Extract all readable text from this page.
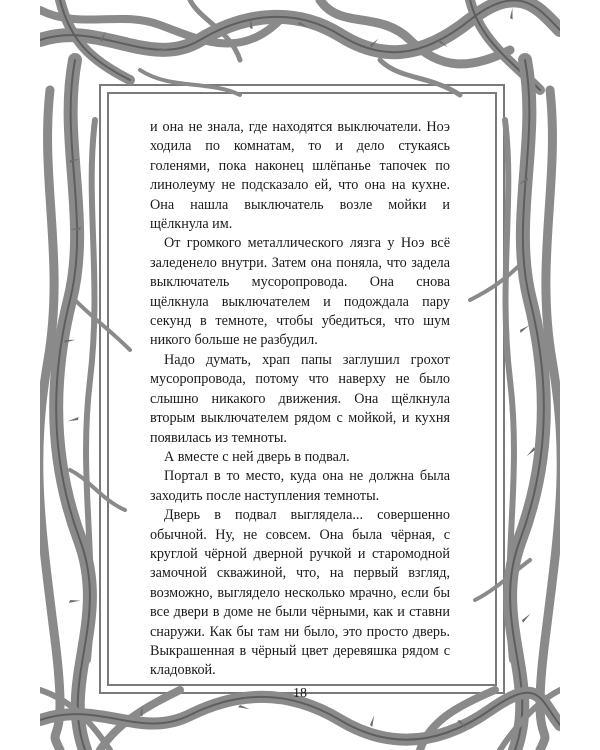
и она не знала, где находятся выключатели. Ноэ ходила по комнатам, то и дело стукаясь голенями, пока наконец шлёпанье тапочек по линолеуму не подсказало ей, что она на кухне. Она нашла выключатель возле мойки и щёлкнула им.

От громкого металлического лязга у Ноэ всё заледенело внутри. Затем она поняла, что задела выключатель мусоропровода. Она снова щёлкнула выключателем и подождала пару секунд в темноте, чтобы убедиться, что шум никого больше не разбудил.

Надо думать, храп папы заглушил грохот мусоропровода, потому что наверху не было слышно никакого движения. Она щёлкнула вторым выключателем рядом с мойкой, и кухня появилась из темноты.

А вместе с ней дверь в подвал.

Портал в то место, куда она не должна была заходить после наступления темноты.

Дверь в подвал выглядела... совершенно обычной. Ну, не совсем. Она была чёрная, с круглой чёрной дверной ручкой и старомодной замочной скважиной, что, на первый взгляд, возможно, выглядело несколько мрачно, если бы все двери в доме не были чёрными, как и ставни снаружи. Как бы там ни было, это просто дверь. Выкрашенная в чёрный цвет деревяшка рядом с кладовкой.

18
